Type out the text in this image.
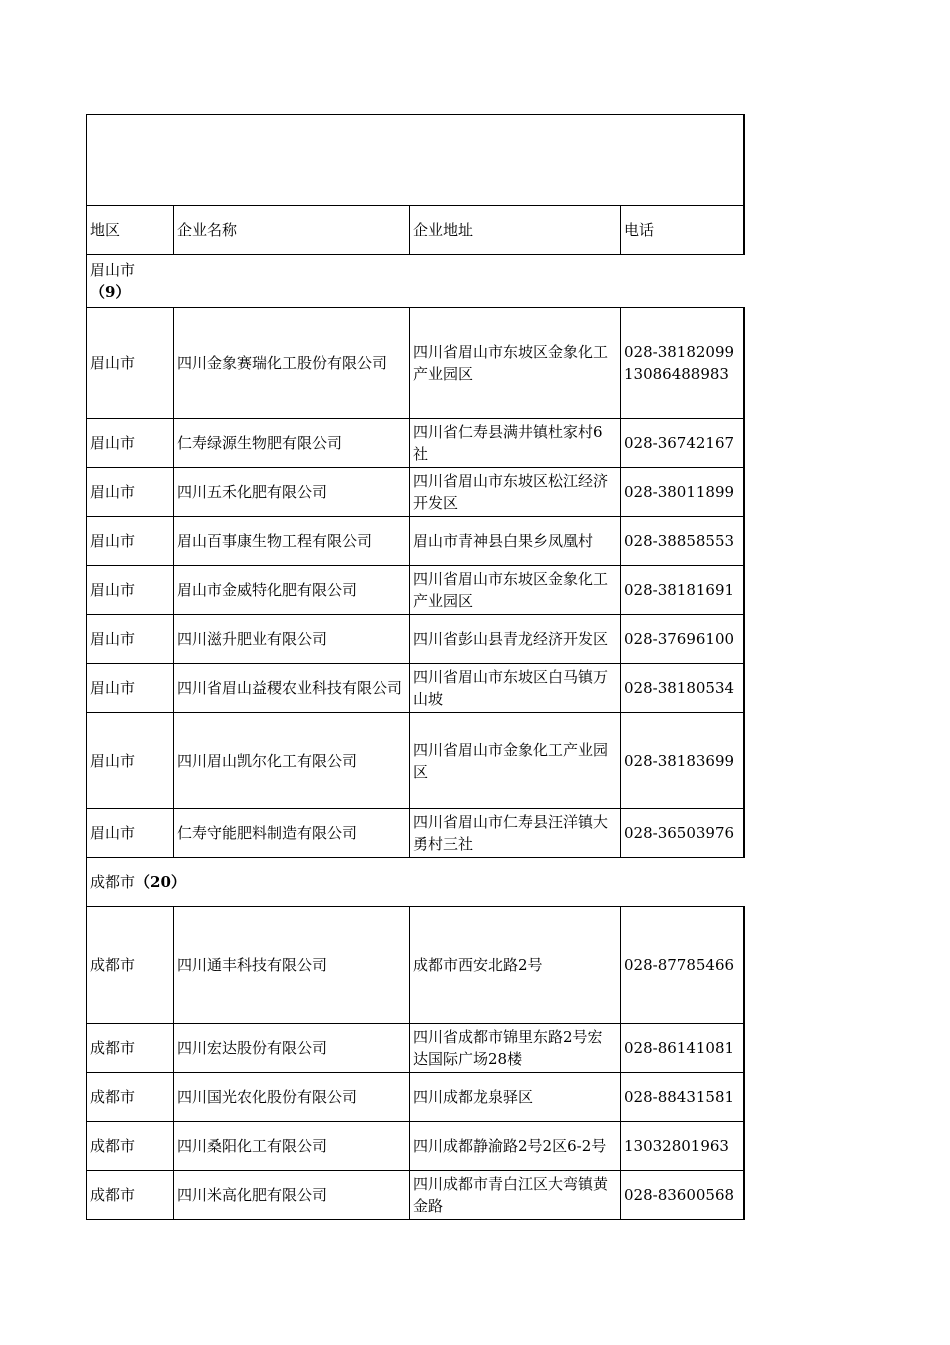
地区	企业名称	企业地址	电话
眉山市
（9）			
眉山市	四川金象赛瑞化工股份有限公司	四川省眉山市东坡区金象化工产业园区	028-38182099 13086488983
眉山市	仁寿绿源生物肥有限公司	四川省仁寿县满井镇杜家村6社	028-36742167
眉山市	四川五禾化肥有限公司	四川省眉山市东坡区松江经济开发区	028-38011899
眉山市	眉山百事康生物工程有限公司	眉山市青神县白果乡凤凰村	028-38858553
眉山市	眉山市金威特化肥有限公司	四川省眉山市东坡区金象化工产业园区	028-38181691
眉山市	四川滋升肥业有限公司	四川省彭山县青龙经济开发区	028-37696100
眉山市	四川省眉山益稷农业科技有限公司	四川省眉山市东坡区白马镇万山坡	028-38180534
眉山市	四川眉山凯尔化工有限公司	四川省眉山市金象化工产业园区	028-38183699
眉山市	仁寿守能肥料制造有限公司	四川省眉山市仁寿县汪洋镇大勇村三社	028-36503976
成都市（20）			
成都市	四川通丰科技有限公司	成都市西安北路2号	028-87785466
成都市	四川宏达股份有限公司	四川省成都市锦里东路2号宏达国际广场28楼	028-86141081
成都市	四川国光农化股份有限公司	四川成都龙泉驿区	028-88431581
成都市	四川桑阳化工有限公司	四川成都静渝路2号2区6-2号	13032801963
成都市	四川米高化肥有限公司	四川成都市青白江区大弯镇黄金路	028-83600568
